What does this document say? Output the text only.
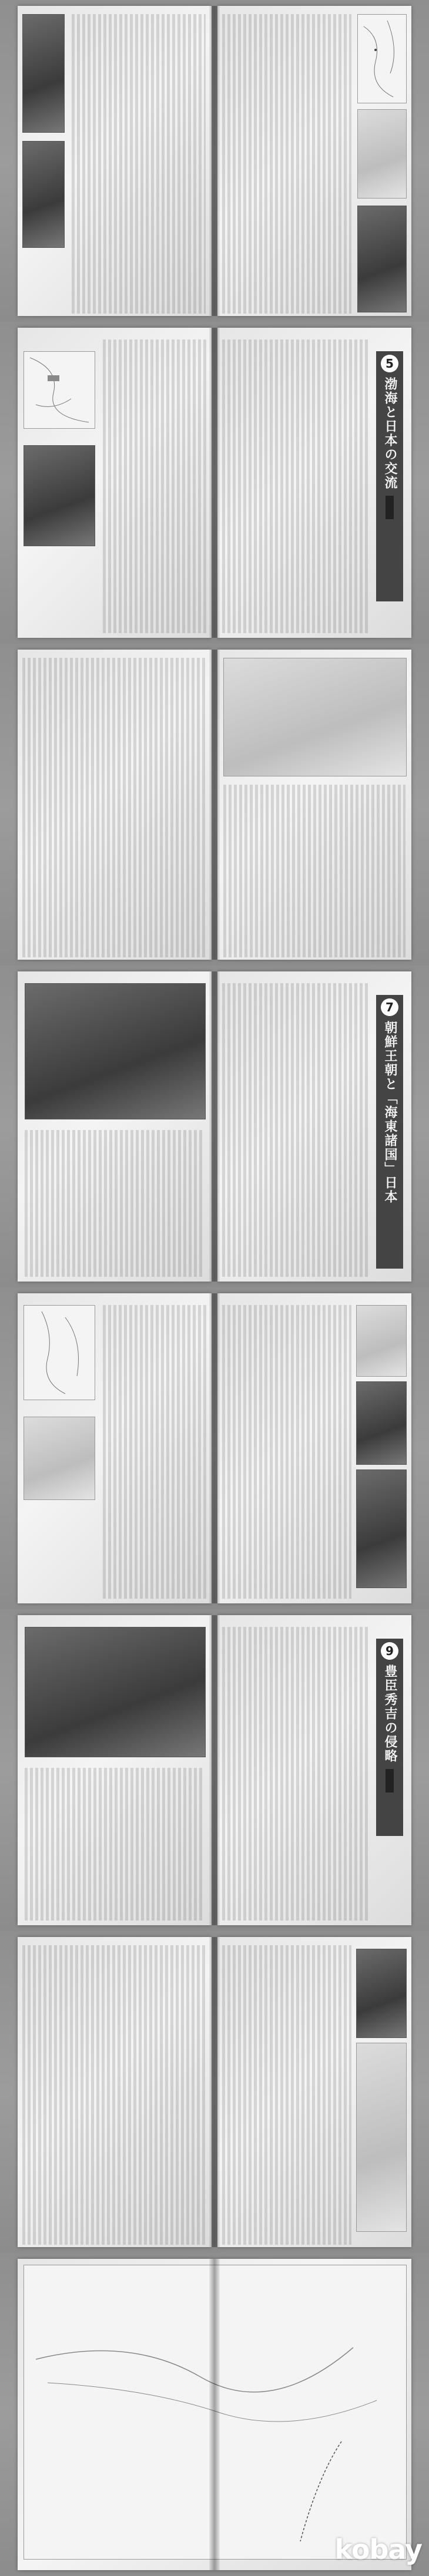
5
渤海と日本の交流
7
朝鮮王朝と「海東諸国」日本
9
豊臣秀吉の侵略
kobay
